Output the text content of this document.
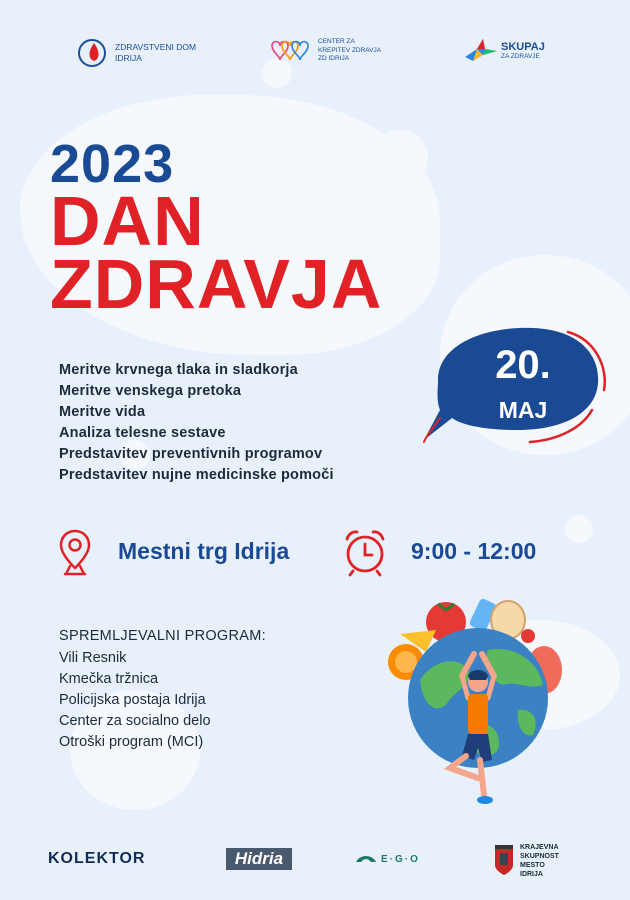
ZDRAVSTVENI DOM
IDRIJA
CENTER ZA
KREPITEV ZDRAVJA
ZD IDRIJA
SKUPAJ
ZA ZDRAVJE
2023
DAN
ZDRAVJA
20.
MAJ
Meritve krvnega tlaka in sladkorja
Meritve venskega pretoka
Meritve vida
Analiza telesne sestave
Predstavitev preventivnih programov
Predstavitev nujne medicinske pomoči
Mestni trg Idrija	9:00 - 12:00
SPREMLJEVALNI PROGRAM:
Vili Resnik
Kmečka tržnica
Policijska postaja Idrija
Center za socialno delo
Otroški program (MCI)
KOLEKTOR	Hidria	E·G·O
KRAJEVNA
SKUPNOST
MESTO
IDRIJA
